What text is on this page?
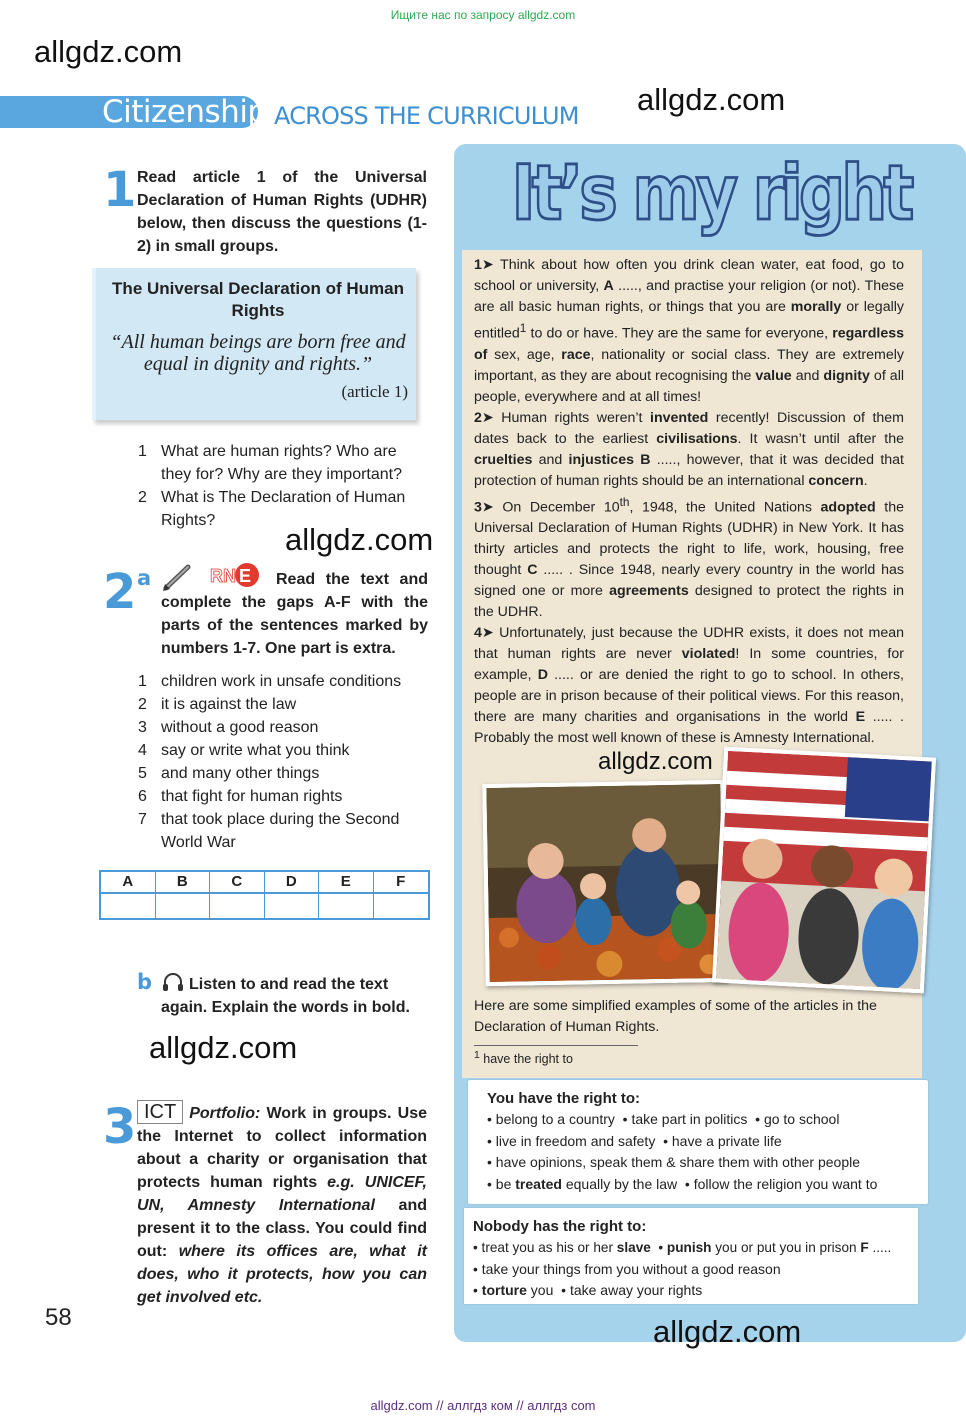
Ищите нас по запросу allgdz.com
allgdz.com
allgdz.com
Citizenship ACROSS THE CURRICULUM
1 Read article 1 of the Universal Declaration of Human Rights (UDHR) below, then discuss the questions (1-2) in small groups.
The Universal Declaration of Human Rights
“All human beings are born free and equal in dignity and rights.”
(article 1)
1 What are human rights? Who are they for? Why are they important?
2 What is The Declaration of Human Rights?
allgdz.com
2 a	RN E	Read the text and complete the gaps A-F with the parts of the sentences marked by numbers 1-7. One part is extra.
1 children work in unsafe conditions
2 it is against the law
3 without a good reason
4 say or write what you think
5 and many other things
6 that fight for human rights
7 that took place during the Second World War
A	B	C	D	E	F
b	Listen to and read the text again. Explain the words in bold.
allgdz.com
3 ICT Portfolio: Work in groups. Use the Internet to collect information about a charity or organisation that protects human rights e.g. UNICEF, UN, Amnesty International and present it to the class. You could find out: where its offices are, what it does, who it protects, how you can get involved etc.
58
It’s my right

1➤ Think about how often you drink clean water, eat food, go to school or university, A ....., and practise your religion (or not). These are all basic human rights, or things that you are morally or legally entitled$^1$ to do or have. They are the same for everyone, regardless of sex, age, race, nationality or social class. They are extremely important, as they are about recognising the value and dignity of all people, everywhere and at all times!

2➤ Human rights weren’t invented recently! Discussion of them dates back to the earliest civilisations. It wasn’t until after the cruelties and injustices B ....., however, that it was decided that protection of human rights should be an international concern.

3➤ On December 10th, 1948, the United Nations adopted the Universal Declaration of Human Rights (UDHR) in New York. It has thirty articles and protects the right to life, work, housing, free thought C ..... . Since 1948, nearly every country in the world has signed one or more agreements designed to protect the rights in the UDHR.

4➤ Unfortunately, just because the UDHR exists, it does not mean that human rights are never violated! In some countries, for example, D ..... or are denied the right to go to school. In others, people are in prison because of their political views. For this reason, there are many charities and organisations in the world E ..... . Probably the most well known of these is Amnesty International.

allgdz.com
Here are some simplified examples of some of the articles in the Declaration of Human Rights.
$^1$ have the right to
You have the right to:
• belong to a country  • take part in politics  • go to school
• live in freedom and safety  • have a private life
• have opinions, speak them & share them with other people
• be treated equally by the law  • follow the religion you want to
Nobody has the right to:
• treat you as his or her slave  • punish you or put you in prison F .....
• take your things from you without a good reason
• torture you  • take away your rights
allgdz.com
allgdz.com // аллгдз ком // аллгдз com
